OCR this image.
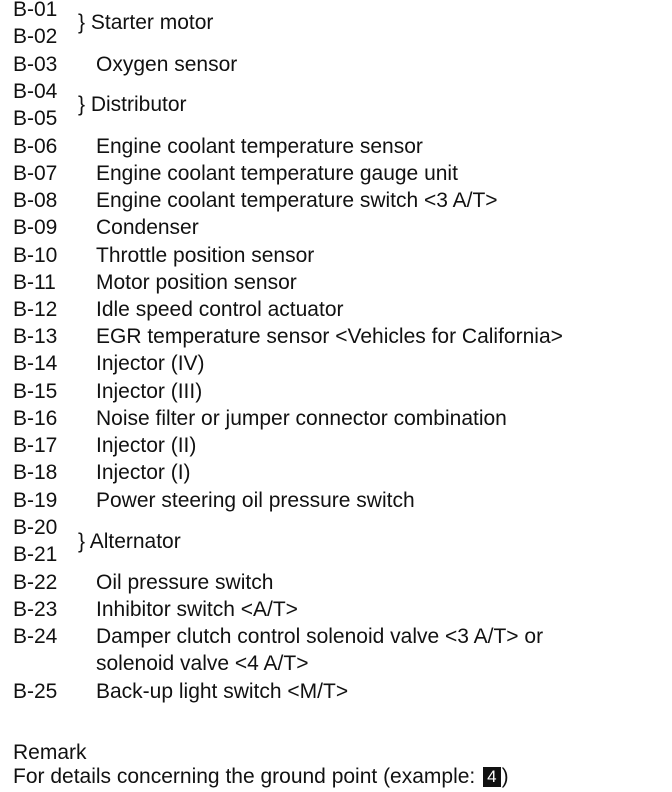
B-01
B-02
} Starter motor
B-03 Oxygen sensor
B-04
B-05
} Distributor
B-06 Engine coolant temperature sensor
B-07 Engine coolant temperature gauge unit
B-08 Engine coolant temperature switch <3 A/T>
B-09 Condenser
B-10 Throttle position sensor
B-11 Motor position sensor
B-12 Idle speed control actuator
B-13 EGR temperature sensor <Vehicles for California>
B-14 Injector (IV)
B-15 Injector (III)
B-16 Noise filter or jumper connector combination
B-17 Injector (II)
B-18 Injector (I)
B-19 Power steering oil pressure switch
B-20
B-21
} Alternator
B-22 Oil pressure switch
B-23 Inhibitor switch <A/T>
B-24 Damper clutch control solenoid valve <3 A/T> or
solenoid valve <4 A/T>
B-25 Back-up light switch <M/T>
Remark
For details concerning the ground point (example: 4 )
